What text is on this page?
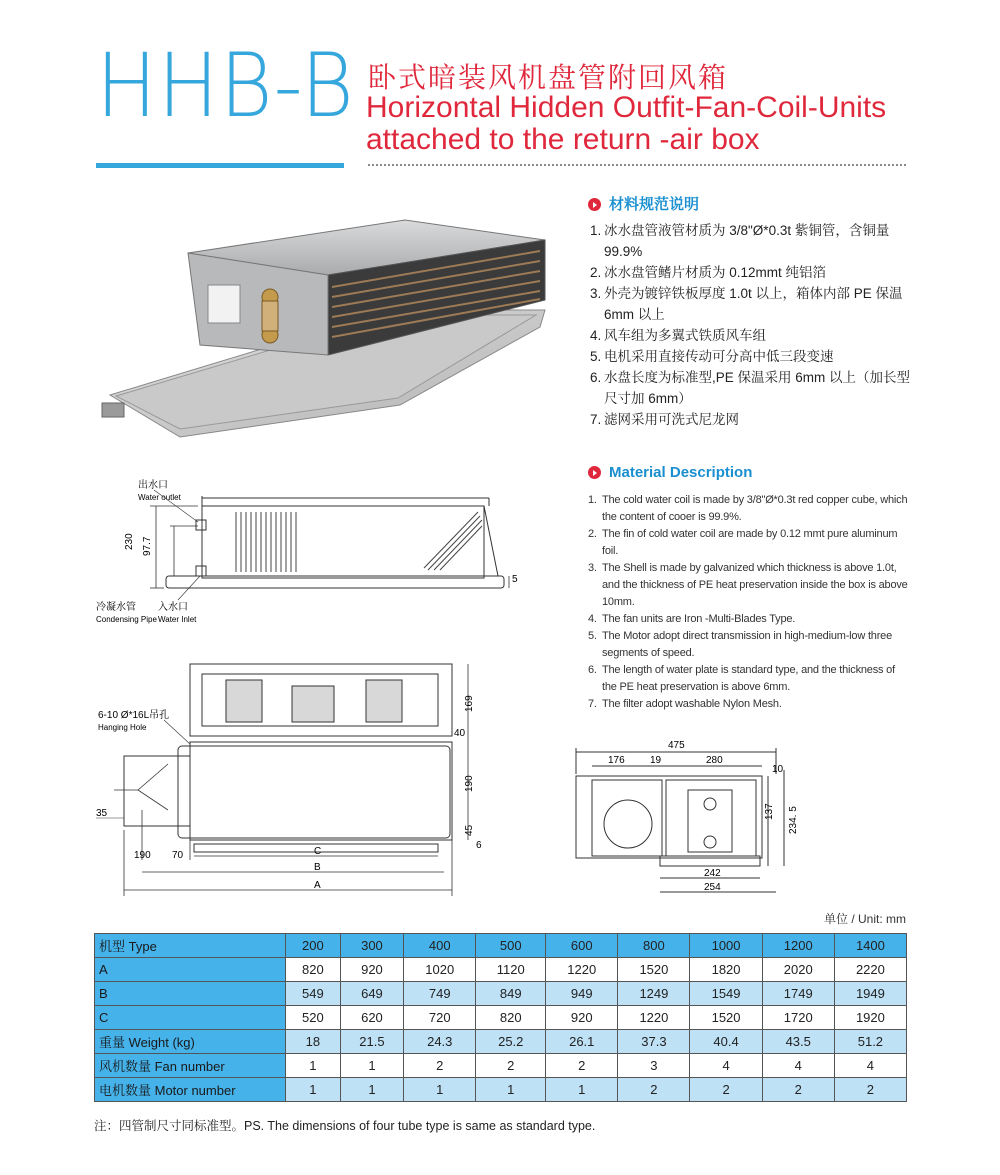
HHB-B 卧式暗装风机盘管附回风箱
Horizontal Hidden Outfit-Fan-Coil-Units
attached to the return -air box
230 97.7
5
出水口
Water outlet
冷凝水管
Condensing Pipe
入水口
Water Inlet
169
40
190
45
6
6-10 Ø*16L吊孔
Hanging Hole
35
190 70	C
B
A
475
176	19	280
10
137 234. 5
242
254
材料规范说明
1. 冰水盘管液管材质为 3/8"Ø*0.3t 紫铜管，含铜量 99.9%
2. 冰水盘管鳍片材质为 0.12mmt 纯铝箔
3. 外壳为镀锌铁板厚度 1.0t 以上，箱体内部 PE 保温 6mm 以上
4. 风车组为多翼式铁质风车组
5. 电机采用直接传动可分高中低三段变速
6. 水盘长度为标准型,PE 保温采用 6mm 以上（加长型尺寸加 6mm）
7. 滤网采用可洗式尼龙网
Material Description
1. The cold water coil is made by 3/8"Ø*0.3t red copper cube, which the content of cooer is 99.9%.
2. The fin of cold water coil are made by 0.12 mmt pure aluminum foil.
3. The Shell is made by galvanized which thickness is above 1.0t, and the thickness of PE heat preservation inside the box is above 10mm.
4. The fan units are Iron -Multi-Blades Type.
5. The Motor adopt direct transmission in high-medium-low three segments of speed.
6. The length of water plate is standard type, and the thickness of the PE heat preservation is above 6mm.
7. The filter adopt washable Nylon Mesh.
单位 / Unit: mm
机型 Type	200	300	400	500	600	800	1000	1200	1400
A	820	920	1020	1120	1220	1520	1820	2020	2220
B	549	649	749	849	949	1249	1549	1749	1949
C	520	620	720	820	920	1220	1520	1720	1920
重量 Weight (kg)	18	21.5	24.3	25.2	26.1	37.3	40.4	43.5	51.2
风机数量 Fan number	1	1	2	2	2	3	4	4	4
电机数量 Motor number	1	1	1	1	1	2	2	2	2
注：四管制尺寸同标准型。PS. The dimensions of four tube type is same as standard type.
